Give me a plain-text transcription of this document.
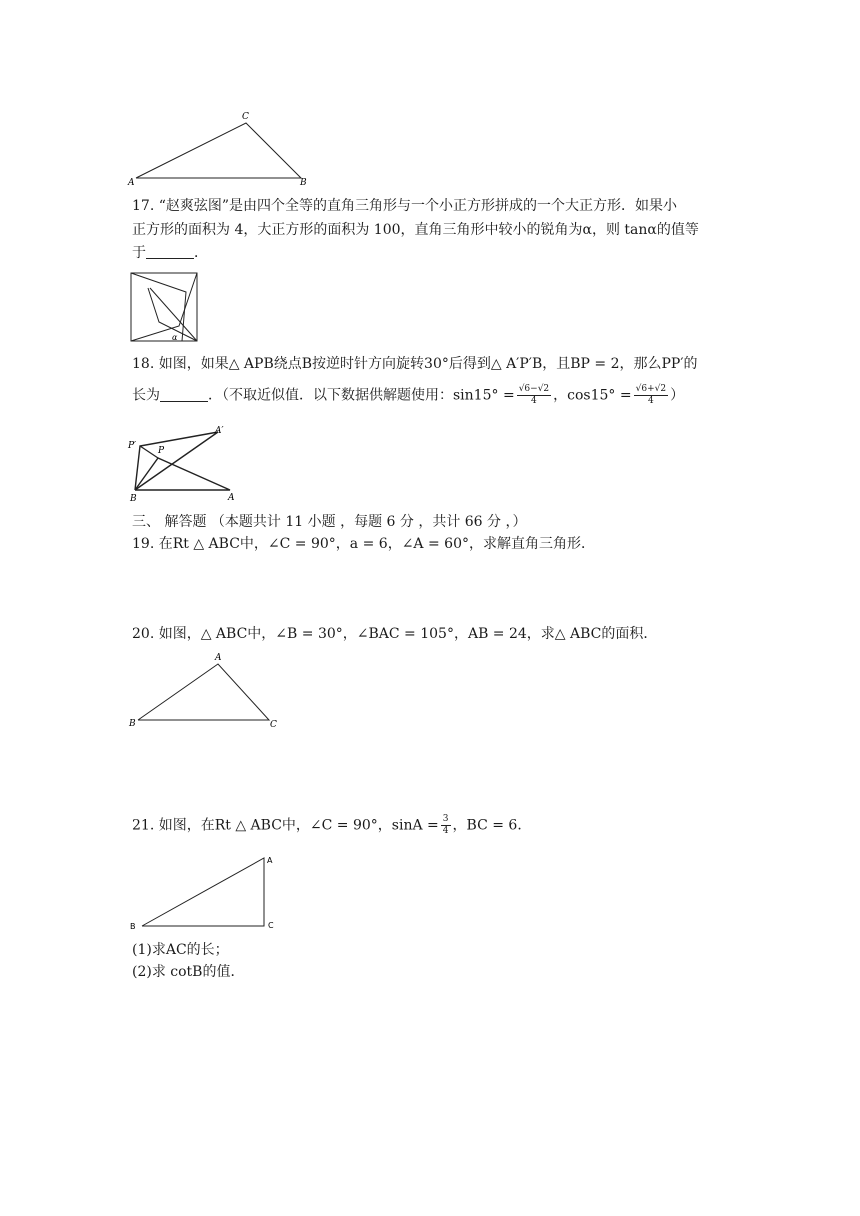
A
C
B
17. “赵爽弦图”是由四个全等的直角三角形与一个小正方形拼成的一个大正方形．如果小
正方形的面积为 4，大正方形的面积为 100，直角三角形中较小的锐角为α，则 tanα的值等
于	．
α
18. 如图，如果△ APB绕点B按逆时针方向旋转30°后得到△ A′P′B，且BP = 2，那么PP′的
长为	．（不取近似值．以下数据供解题使用：$\sin 15^\circ = \frac{√6-√2}{4}$ ，$\cos 15^\circ = \frac{√6+√2}{4}$ ）
P′
A′
P
B	A
三、 解答题 （本题共计 11 小题 ，每题 6 分 ，共计 66 分 ，）
19. 在Rt △ ABC中，∠C = 90°，a = 6，∠A = 60°，求解直角三角形．
20. 如图，△ ABC中，∠B = 30°，∠BAC = 105°，AB = 24，求△ ABC的面积．
A
B	C
21. 如图，在Rt △ ABC中，∠C = 90°，$\sin A = \frac{3}{4}$ ，BC = 6．
A
B	C
(1)求AC的长；
(2)求 cotB的值．
